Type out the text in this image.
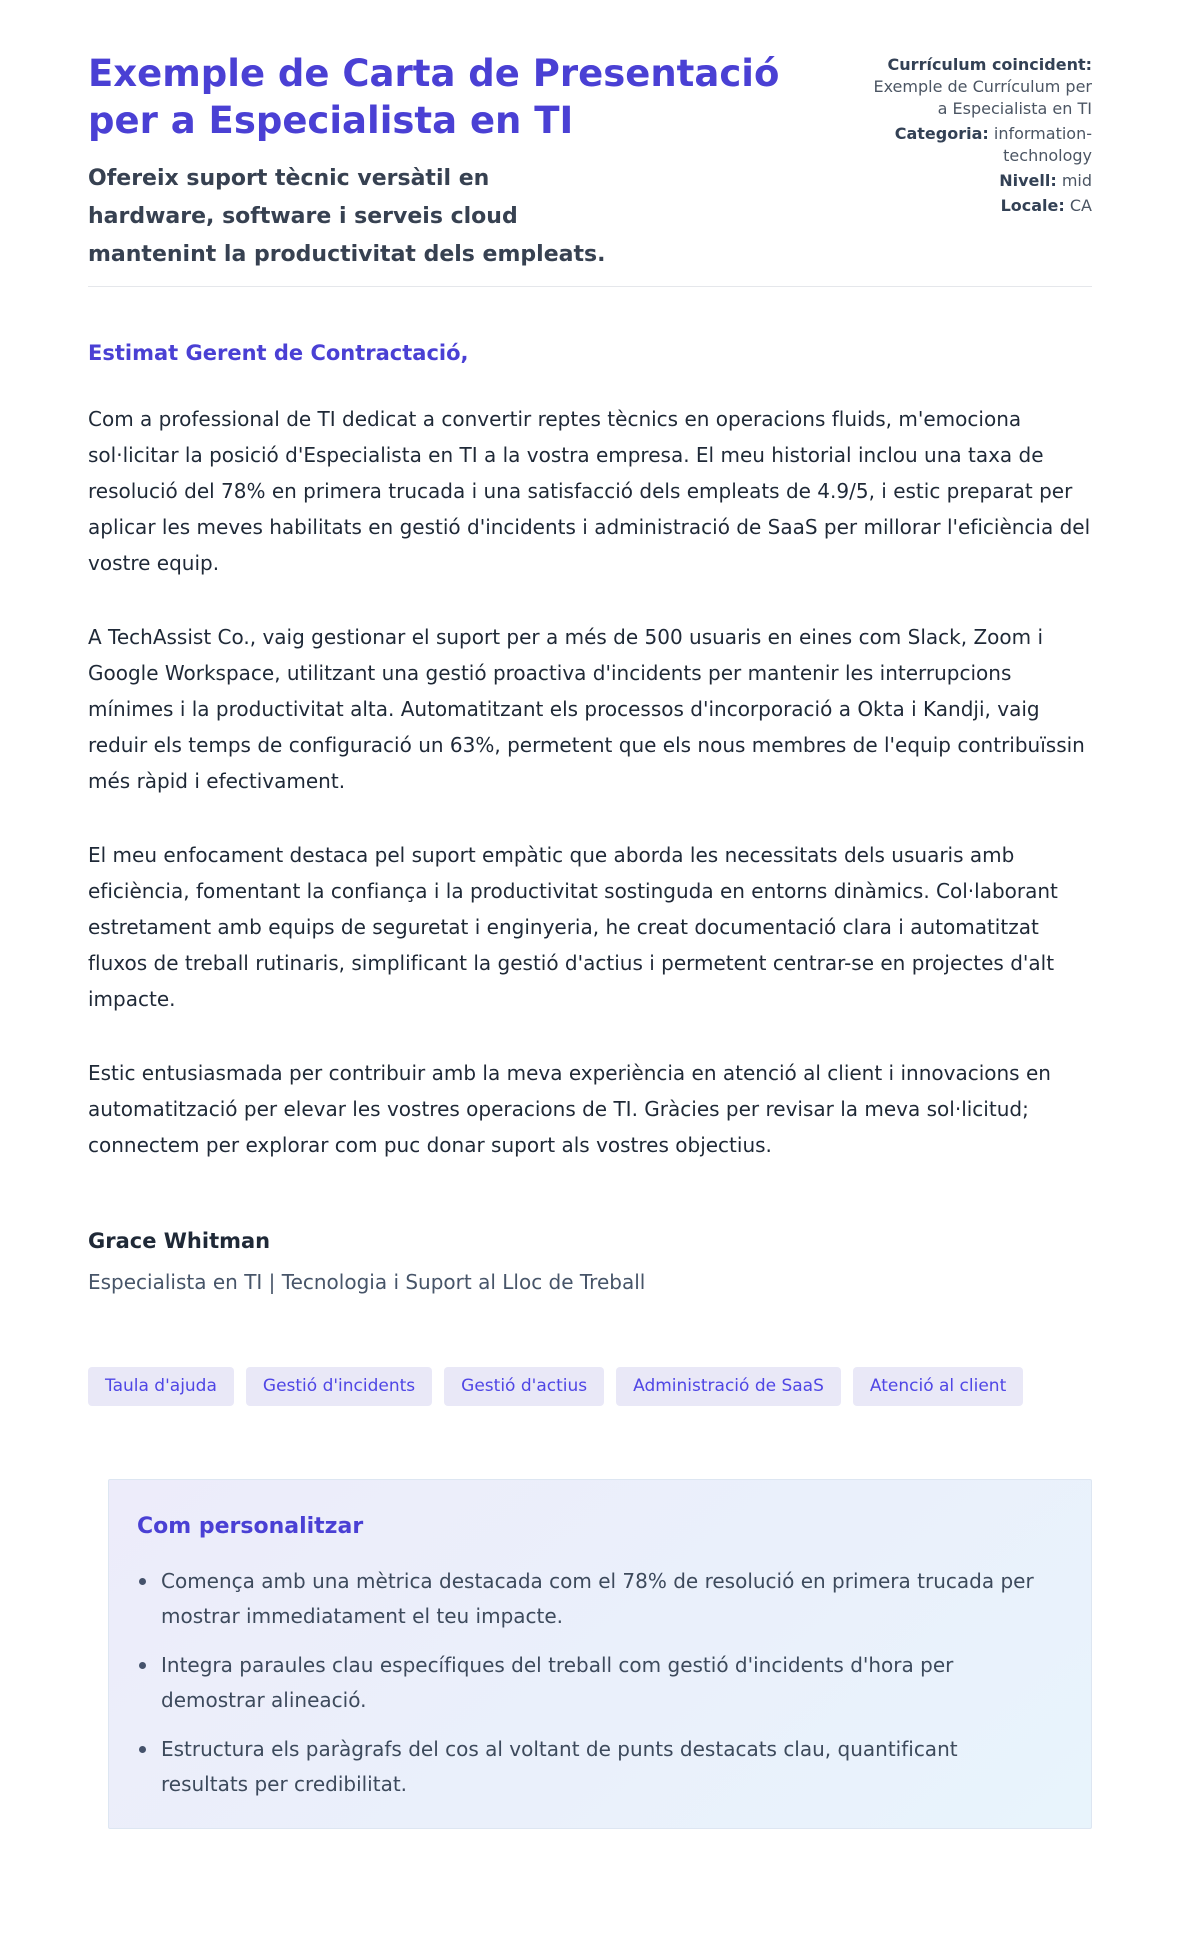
Exemple de Carta de Presentació per a Especialista en TI
Ofereix suport tècnic versàtil en hardware, software i serveis cloud mantenint la productivitat dels empleats.
Currículum coincident: Exemple de Currículum per a Especialista en TI
Categoria: information-technology
Nivell: mid
Locale: CA
Estimat Gerent de Contractació,

Com a professional de TI dedicat a convertir reptes tècnics en operacions fluids, m'emociona sol·licitar la posició d'Especialista en TI a la vostra empresa. El meu historial inclou una taxa de resolució del 78% en primera trucada i una satisfacció dels empleats de 4.9/5, i estic preparat per aplicar les meves habilitats en gestió d'incidents i administració de SaaS per millorar l'eficiència del vostre equip.

A TechAssist Co., vaig gestionar el suport per a més de 500 usuaris en eines com Slack, Zoom i Google Workspace, utilitzant una gestió proactiva d'incidents per mantenir les interrupcions mínimes i la productivitat alta. Automatitzant els processos d'incorporació a Okta i Kandji, vaig reduir els temps de configuració un 63%, permetent que els nous membres de l'equip contribuïssin més ràpid i efectivament.

El meu enfocament destaca pel suport empàtic que aborda les necessitats dels usuaris amb eficiència, fomentant la confiança i la productivitat sostinguda en entorns dinàmics. Col·laborant estretament amb equips de seguretat i enginyeria, he creat documentació clara i automatitzat fluxos de treball rutinaris, simplificant la gestió d'actius i permetent centrar-se en projectes d'alt impacte.

Estic entusiasmada per contribuir amb la meva experiència en atenció al client i innovacions en automatització per elevar les vostres operacions de TI. Gràcies per revisar la meva sol·licitud; connectem per explorar com puc donar suport als vostres objectius.

Grace Whitman
Especialista en TI | Tecnologia i Suport al Lloc de Treball
Taula d'ajuda	Gestió d'incidents	Gestió d'actius	Administració de SaaS	Atenció al client
Com personalitzar
Comença amb una mètrica destacada com el 78% de resolució en primera trucada per mostrar immediatament el teu impacte.
Integra paraules clau específiques del treball com gestió d'incidents d'hora per demostrar alineació.
Estructura els paràgrafs del cos al voltant de punts destacats clau, quantificant resultats per credibilitat.
